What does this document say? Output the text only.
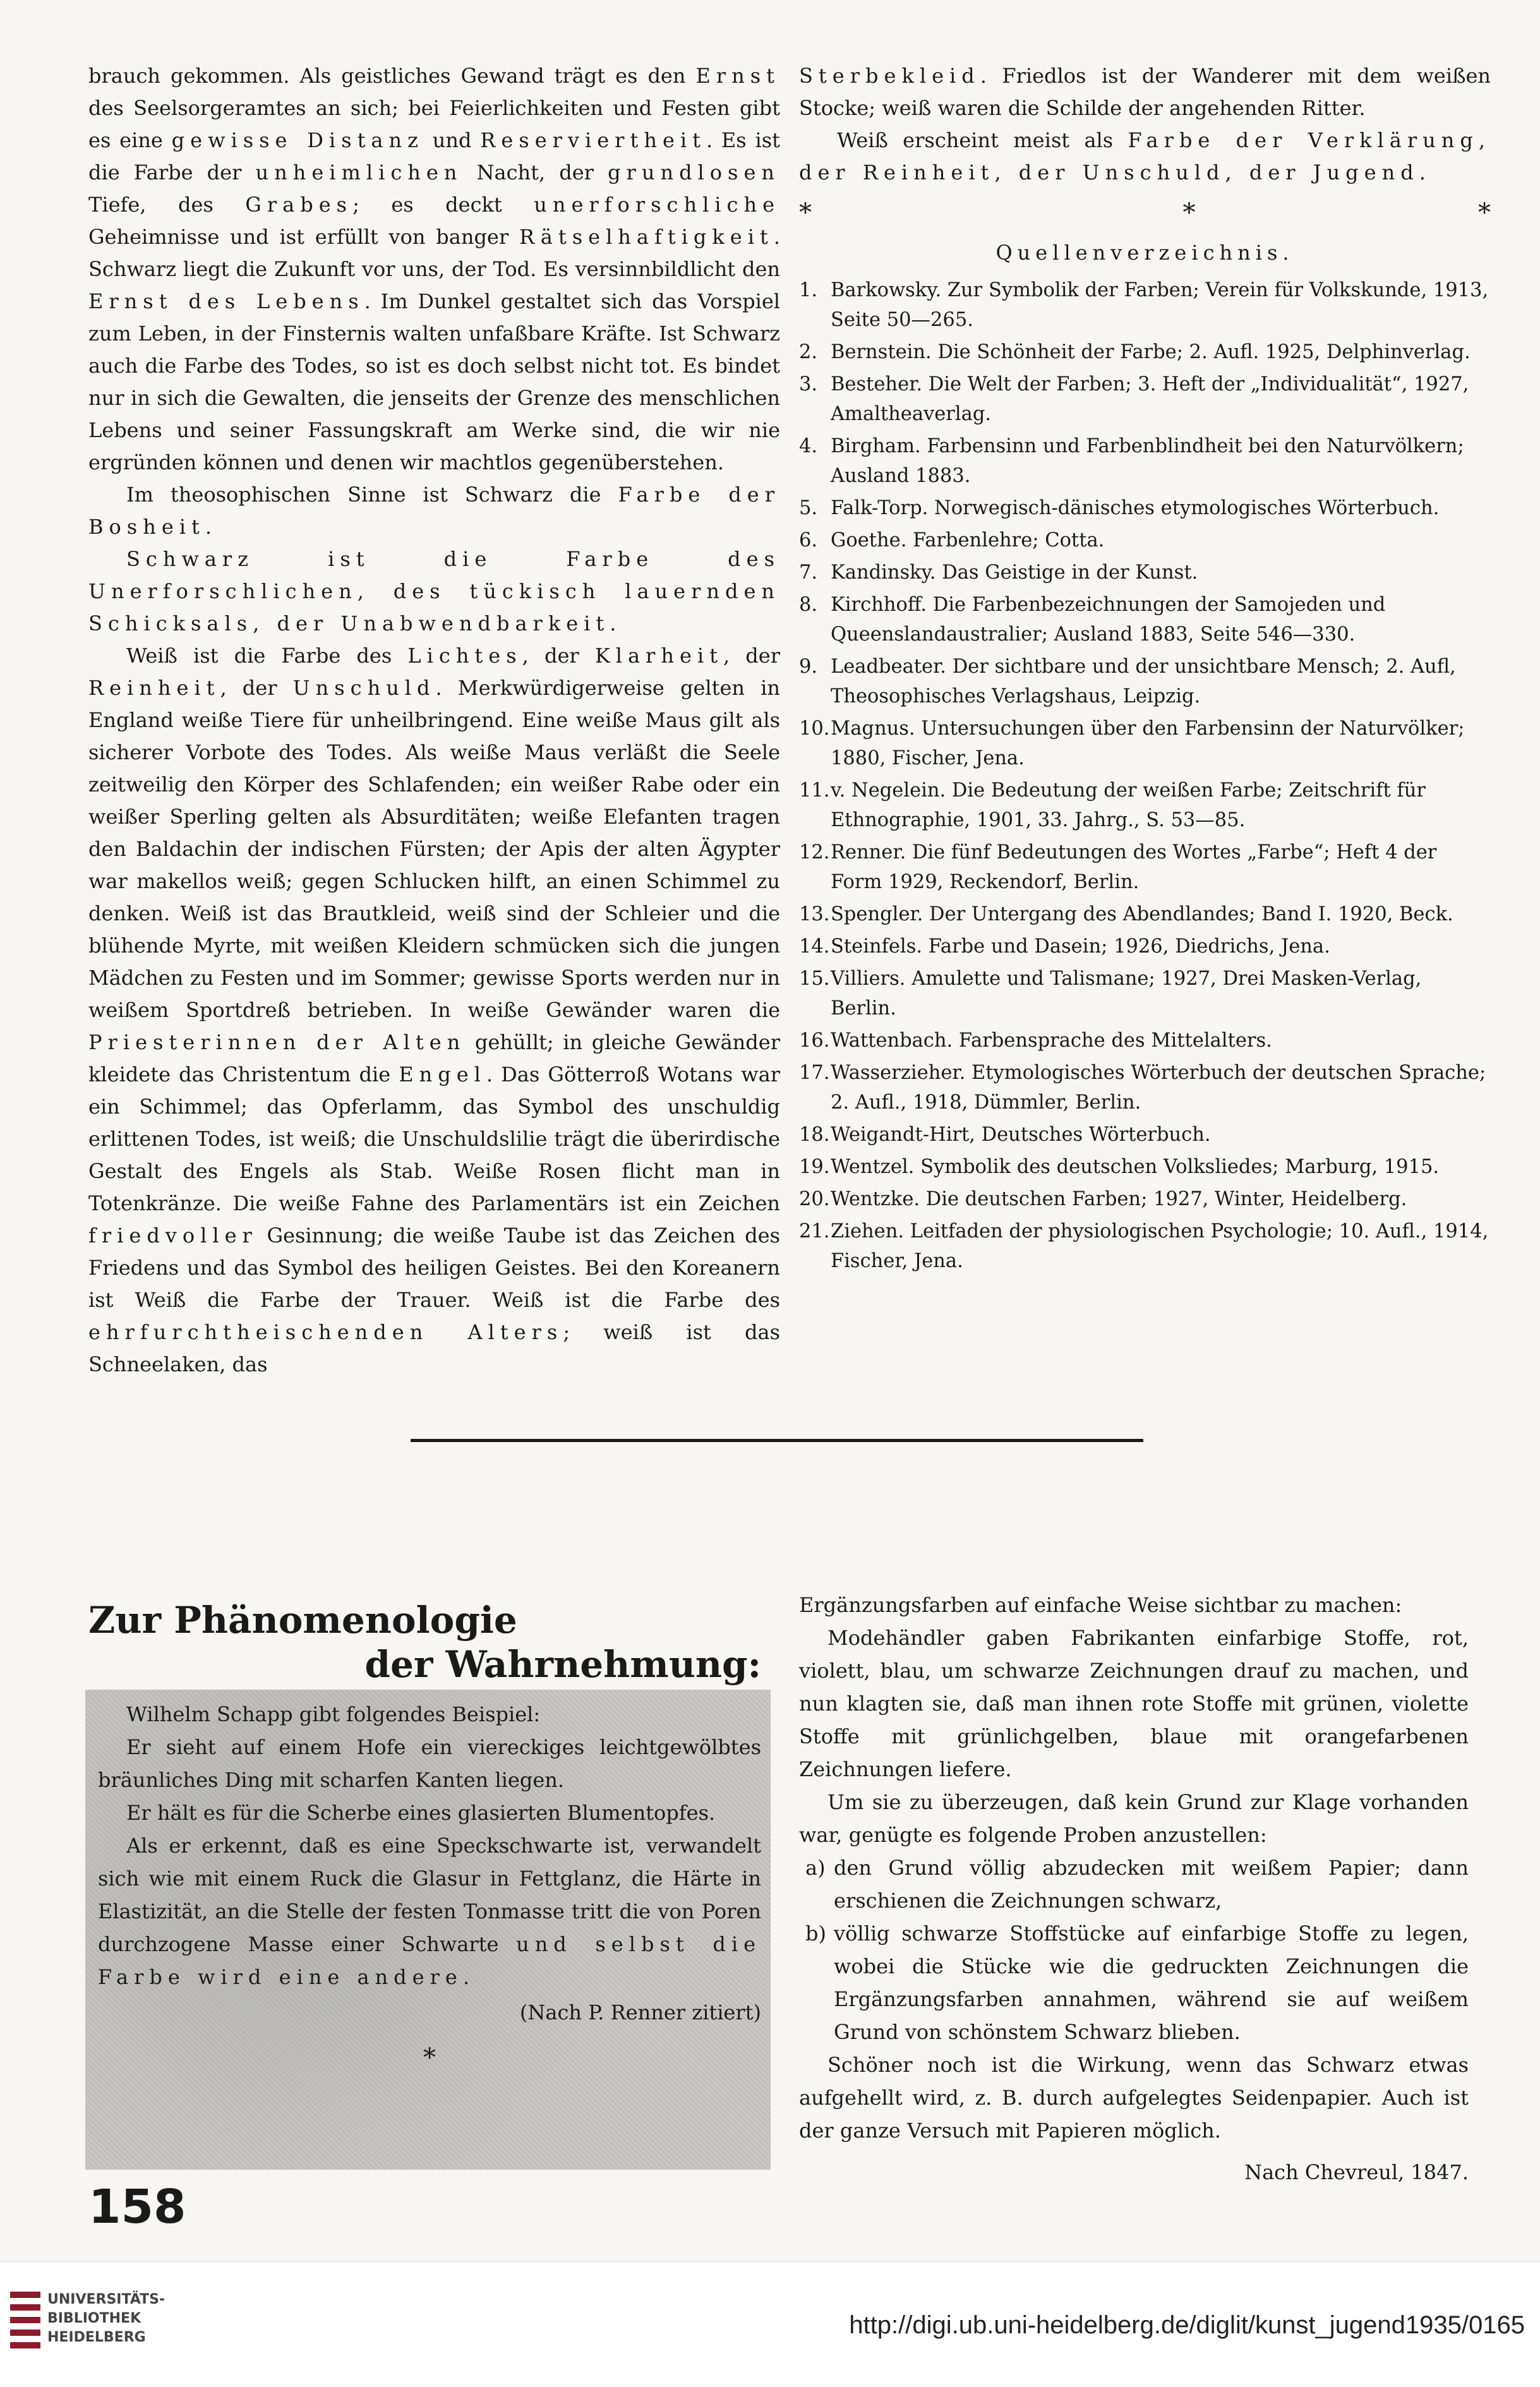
brauch gekommen. Als geistliches Gewand trägt es den Ernst des Seelsorgeramtes an sich; bei Feierlichkeiten und Festen gibt es eine gewisse Distanz und Reserviertheit. Es ist die Farbe der unheimlichen Nacht, der grundlosen Tiefe, des Grabes; es deckt unerforschliche Geheimnisse und ist erfüllt von banger Rätselhaftigkeit. Schwarz liegt die Zukunft vor uns, der Tod. Es versinnbildlicht den Ernst des Lebens. Im Dunkel gestaltet sich das Vorspiel zum Leben, in der Finsternis walten unfaßbare Kräfte. Ist Schwarz auch die Farbe des Todes, so ist es doch selbst nicht tot. Es bindet nur in sich die Gewalten, die jenseits der Grenze des menschlichen Lebens und seiner Fassungskraft am Werke sind, die wir nie ergründen können und denen wir machtlos gegenüberstehen.

Im theosophischen Sinne ist Schwarz die Farbe der Bosheit.

Schwarz ist die Farbe des Unerforschlichen, des tückisch lauernden Schicksals, der Unabwendbarkeit.

Weiß ist die Farbe des Lichtes, der Klarheit, der Reinheit, der Unschuld. Merkwürdigerweise gelten in England weiße Tiere für unheilbringend. Eine weiße Maus gilt als sicherer Vorbote des Todes. Als weiße Maus verläßt die Seele zeitweilig den Körper des Schlafenden; ein weißer Rabe oder ein weißer Sperling gelten als Absurditäten; weiße Elefanten tragen den Baldachin der indischen Fürsten; der Apis der alten Ägypter war makellos weiß; gegen Schlucken hilft, an einen Schimmel zu denken. Weiß ist das Brautkleid, weiß sind der Schleier und die blühende Myrte, mit weißen Kleidern schmücken sich die jungen Mädchen zu Festen und im Sommer; gewisse Sports werden nur in weißem Sportdreß betrieben. In weiße Gewänder waren die Priesterinnen der Alten gehüllt; in gleiche Gewänder kleidete das Christentum die Engel. Das Götterroß Wotans war ein Schimmel; das Opferlamm, das Symbol des unschuldig erlittenen Todes, ist weiß; die Unschuldslilie trägt die überirdische Gestalt des Engels als Stab. Weiße Rosen flicht man in Totenkränze. Die weiße Fahne des Parlamentärs ist ein Zeichen friedvoller Gesinnung; die weiße Taube ist das Zeichen des Friedens und das Symbol des heiligen Geistes. Bei den Koreanern ist Weiß die Farbe der Trauer. Weiß ist die Farbe des ehrfurchtheischenden Alters; weiß ist das Schneelaken, das

Sterbekleid. Friedlos ist der Wanderer mit dem weißen Stocke; weiß waren die Schilde der angehenden Ritter.

Weiß erscheint meist als Farbe der Verklärung, der Reinheit, der Unschuld, der Jugend.

*	*	*
Quellenverzeichnis.
1. Barkowsky. Zur Symbolik der Farben; Verein für Volkskunde, 1913, Seite 50—265.
2. Bernstein. Die Schönheit der Farbe; 2. Aufl. 1925, Delphinverlag.
3. Besteher. Die Welt der Farben; 3. Heft der „Individualität“, 1927, Amaltheaverlag.
4. Birgham. Farbensinn und Farbenblindheit bei den Naturvölkern; Ausland 1883.
5. Falk-Torp. Norwegisch-dänisches etymologisches Wörterbuch.
6. Goethe. Farbenlehre; Cotta.
7. Kandinsky. Das Geistige in der Kunst.
8. Kirchhoff. Die Farbenbezeichnungen der Samojeden und Queenslandaustralier; Ausland 1883, Seite 546—330.
9. Leadbeater. Der sichtbare und der unsichtbare Mensch; 2. Aufl, Theosophisches Verlagshaus, Leipzig.
10. Magnus. Untersuchungen über den Farbensinn der Naturvölker; 1880, Fischer, Jena.
11. v. Negelein. Die Bedeutung der weißen Farbe; Zeitschrift für Ethnographie, 1901, 33. Jahrg., S. 53—85.
12. Renner. Die fünf Bedeutungen des Wortes „Farbe“; Heft 4 der Form 1929, Reckendorf, Berlin.
13. Spengler. Der Untergang des Abendlandes; Band I. 1920, Beck.
14. Steinfels. Farbe und Dasein; 1926, Diedrichs, Jena.
15. Villiers. Amulette und Talismane; 1927, Drei Masken-Verlag, Berlin.
16. Wattenbach. Farbensprache des Mittelalters.
17. Wasserzieher. Etymologisches Wörterbuch der deutschen Sprache; 2. Aufl., 1918, Dümmler, Berlin.
18. Weigandt-Hirt, Deutsches Wörterbuch.
19. Wentzel. Symbolik des deutschen Volksliedes; Marburg, 1915.
20. Wentzke. Die deutschen Farben; 1927, Winter, Heidelberg.
21. Ziehen. Leitfaden der physiologischen Psychologie; 10. Aufl., 1914, Fischer, Jena.
Zur Phänomenologie
der Wahrnehmung:

Wilhelm Schapp gibt folgendes Beispiel:

Er sieht auf einem Hofe ein viereckiges leichtgewölbtes bräunliches Ding mit scharfen Kanten liegen.

Er hält es für die Scherbe eines glasierten Blumentopfes.

Als er erkennt, daß es eine Speckschwarte ist, verwandelt sich wie mit einem Ruck die Glasur in Fettglanz, die Härte in Elastizität, an die Stelle der festen Tonmasse tritt die von Poren durchzogene Masse einer Schwarte und selbst die Farbe wird eine andere.

(Nach P. Renner zitiert)

*

Ergänzungsfarben auf einfache Weise sichtbar zu machen:

Modehändler gaben Fabrikanten einfarbige Stoffe, rot, violett, blau, um schwarze Zeichnungen drauf zu machen, und nun klagten sie, daß man ihnen rote Stoffe mit grünen, violette Stoffe mit grünlichgelben, blaue mit orangefarbenen Zeichnungen liefere.

Um sie zu überzeugen, daß kein Grund zur Klage vorhanden war, genügte es folgende Proben anzustellen:

a) den Grund völlig abzudecken mit weißem Papier; dann erschienen die Zeichnungen schwarz,

b) völlig schwarze Stoffstücke auf einfarbige Stoffe zu legen, wobei die Stücke wie die gedruckten Zeichnungen die Ergänzungsfarben annahmen, während sie auf weißem Grund von schönstem Schwarz blieben.

Schöner noch ist die Wirkung, wenn das Schwarz etwas aufgehellt wird, z. B. durch aufgelegtes Seidenpapier. Auch ist der ganze Versuch mit Papieren möglich.

Nach Chevreul, 1847.

158
UNIVERSITÄTS-
BIBLIOTHEK
HEIDELBERG	http://digi.ub.uni-heidelberg.de/diglit/kunst_jugend1935/0165
